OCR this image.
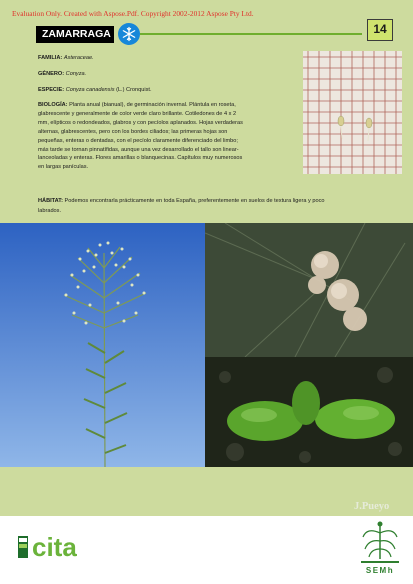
Evaluation Only. Created with Aspose.Pdf. Copyright 2002-2012 Aspose Pty Ltd.
ZAMARRAGA	14
FAMILIA: Asteraceae.
GÉNERO: Conyza.
ESPECIE: Conyza canadensis (L.) Cronquist.
BIOLOGÍA: Planta anual (bianual), de germinación invernal. Plántula en roseta,
glabrescente y generalmente de color verde claro brillante. Cotiledones de 4 x 2
mm, elípticos o redondeados, glabros y con pecíolos aplanados. Hojas verdaderas
alternas, glabrescentes, pero con los bordes ciliados; las primeras hojas son
pequeñas, enteras o dentadas, con el pecíolo claramente diferenciado del limbo;
más tarde se tornan pinnatífidas, aunque una vez desarrollado el tallo son linear-
lanceoladas y enteras. Flores amarillas o blanquecinas. Capítulos muy numerosos
en largas panículas.
HÁBITAT: Podemos encontrarla prácticamente en toda España, preferentemente en suelos de textura ligera y poco
labrados.
J.Pueyo
cita
SEMh
